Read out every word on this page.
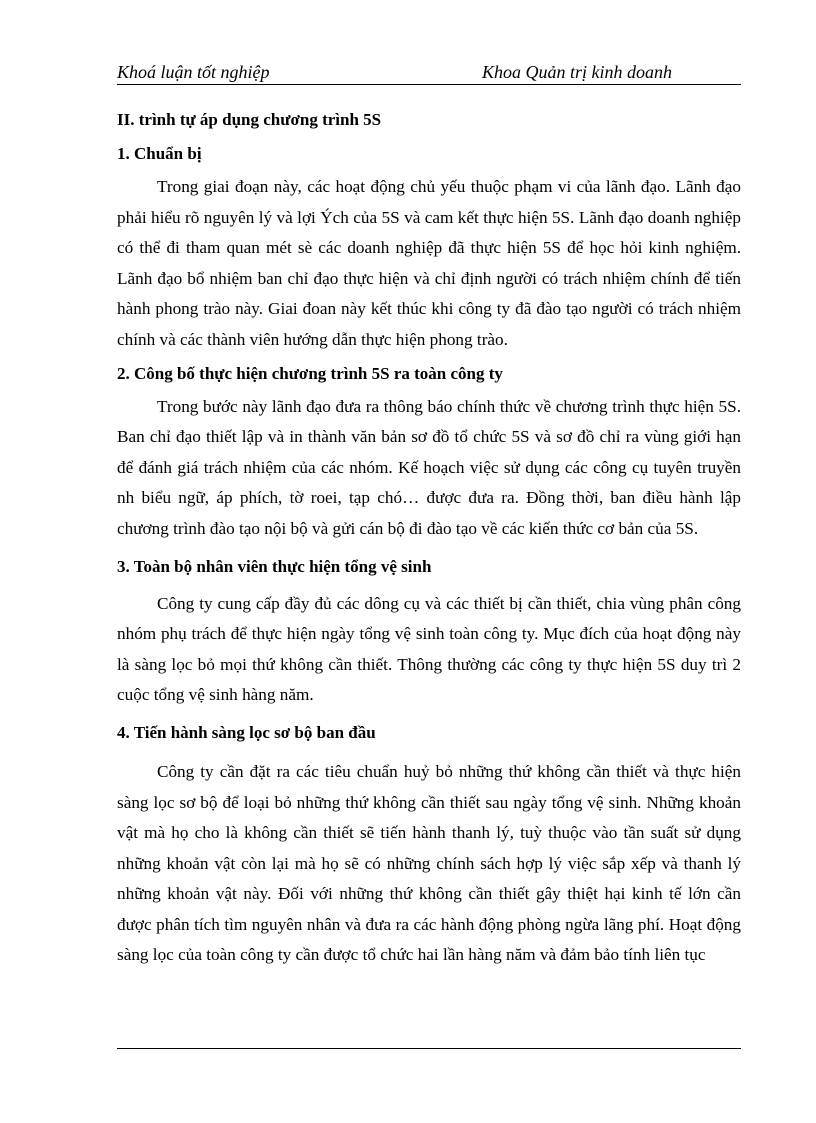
Khoá luận tốt nghiệp	Khoa Quản trị kinh doanh
II. trình tự áp dụng chương trình 5S
1. Chuẩn bị

Trong giai đoạn này, các hoạt động chủ yếu thuộc phạm vi của lãnh đạo. Lãnh đạo phải hiểu rõ nguyên lý và lợi Ých của 5S và cam kết thực hiện 5S. Lãnh đạo doanh nghiệp có thể đi tham quan mét sè các doanh nghiệp đã thực hiện 5S để học hỏi kinh nghiệm. Lãnh đạo bổ nhiệm ban chỉ đạo thực hiện và chỉ định người có trách nhiệm chính để tiến hành phong trào này. Giai đoan này kết thúc khi công ty đã đào tạo người có trách nhiệm chính và các thành viên hướng dẫn thực hiện phong trào.

2. Công bố thực hiện chương trình 5S ra toàn công ty

Trong bước này lãnh đạo đưa ra thông báo chính thức về chương trình thực hiện 5S. Ban chỉ đạo thiết lập và in thành văn bản sơ đồ tổ chức 5S và sơ đồ chỉ ra vùng giới hạn để đánh giá trách nhiệm của các nhóm. Kế hoạch việc sử dụng các công cụ tuyên truyền nh biểu ngữ, áp phích, tờ roei, tạp chó… được đưa ra. Đồng thời, ban điều hành lập chương trình đào tạo nội bộ và gửi cán bộ đi đào tạo về các kiến thức cơ bản của 5S.

3. Toàn bộ nhân viên thực hiện tổng vệ sinh

Công ty cung cấp đầy đủ các dông cụ và các thiết bị cần thiết, chia vùng phân công nhóm phụ trách để thực hiện ngày tổng vệ sinh toàn công ty. Mục đích của hoạt động này là sàng lọc bỏ mọi thứ không cần thiết. Thông thường các công ty thực hiện 5S duy trì 2 cuộc tổng vệ sinh hàng năm.

4. Tiến hành sàng lọc sơ bộ ban đầu

Công ty cần đặt ra các tiêu chuẩn huỷ bỏ những thứ không cần thiết và thực hiện sàng lọc sơ bộ để loại bỏ những thứ không cần thiết sau ngày tổng vệ sinh. Những khoản vật mà họ cho là không cần thiết sẽ tiến hành thanh lý, tuỳ thuộc vào tần suất sử dụng những khoản vật còn lại mà họ sẽ có những chính sách hợp lý việc sắp xếp và thanh lý những khoản vật này. Đối với những thứ không cần thiết gây thiệt hại kinh tế lớn cần được phân tích tìm nguyên nhân và đưa ra các hành động phòng ngừa lãng phí. Hoạt động sàng lọc của toàn công ty cần được tổ chức hai lần hàng năm và đảm bảo tính liên tục
